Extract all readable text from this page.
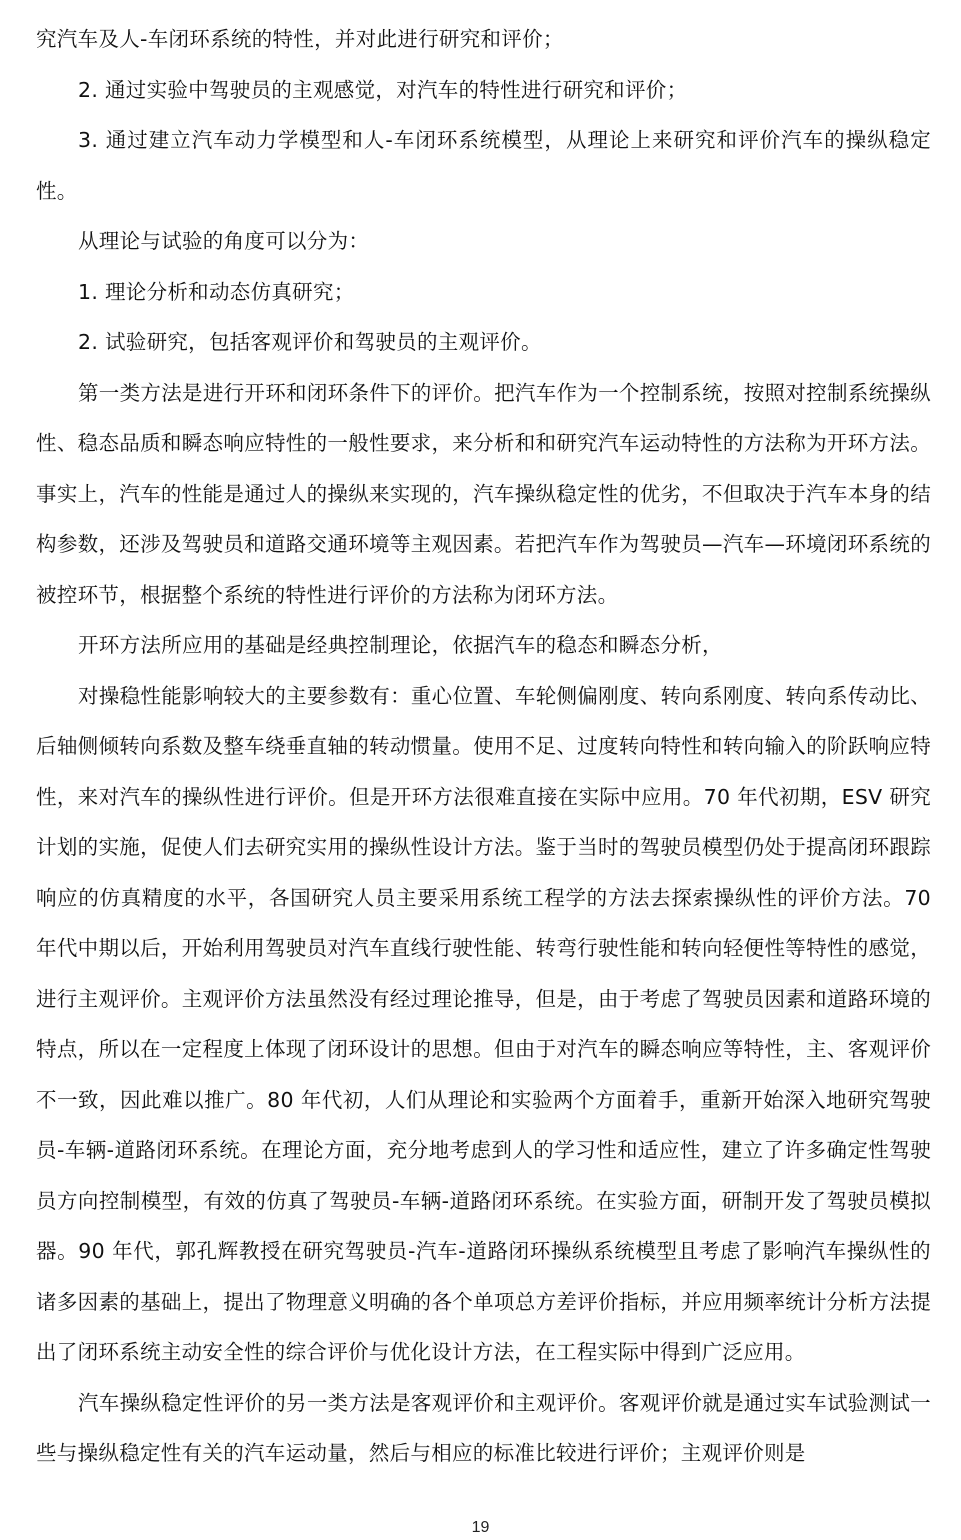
究汽车及人-车闭环系统的特性，并对此进行研究和评价；

2. 通过实验中驾驶员的主观感觉，对汽车的特性进行研究和评价；

3. 通过建立汽车动力学模型和人-车闭环系统模型，从理论上来研究和评价汽车的操纵稳定性。

从理论与试验的角度可以分为：

1. 理论分析和动态仿真研究；

2. 试验研究，包括客观评价和驾驶员的主观评价。

第一类方法是进行开环和闭环条件下的评价。把汽车作为一个控制系统，按照对控制系统操纵性、稳态品质和瞬态响应特性的一般性要求，来分析和和研究汽车运动特性的方法称为开环方法。事实上，汽车的性能是通过人的操纵来实现的，汽车操纵稳定性的优劣，不但取决于汽车本身的结构参数，还涉及驾驶员和道路交通环境等主观因素。若把汽车作为驾驶员—汽车—环境闭环系统的被控环节，根据整个系统的特性进行评价的方法称为闭环方法。

开环方法所应用的基础是经典控制理论，依据汽车的稳态和瞬态分析，

对操稳性能影响较大的主要参数有：重心位置、车轮侧偏刚度、转向系刚度、转向系传动比、后轴侧倾转向系数及整车绕垂直轴的转动惯量。使用不足、过度转向特性和转向输入的阶跃响应特性，来对汽车的操纵性进行评价。但是开环方法很难直接在实际中应用。70 年代初期，ESV 研究计划的实施，促使人们去研究实用的操纵性设计方法。鉴于当时的驾驶员模型仍处于提高闭环跟踪响应的仿真精度的水平，各国研究人员主要采用系统工程学的方法去探索操纵性的评价方法。70 年代中期以后，开始利用驾驶员对汽车直线行驶性能、转弯行驶性能和转向轻便性等特性的感觉，进行主观评价。主观评价方法虽然没有经过理论推导，但是，由于考虑了驾驶员因素和道路环境的特点，所以在一定程度上体现了闭环设计的思想。但由于对汽车的瞬态响应等特性，主、客观评价不一致，因此难以推广。80 年代初，人们从理论和实验两个方面着手，重新开始深入地研究驾驶员-车辆-道路闭环系统。在理论方面，充分地考虑到人的学习性和适应性，建立了许多确定性驾驶员方向控制模型，有效的仿真了驾驶员-车辆-道路闭环系统。在实验方面，研制开发了驾驶员模拟器。90 年代，郭孔辉教授在研究驾驶员-汽车-道路闭环操纵系统模型且考虑了影响汽车操纵性的诸多因素的基础上，提出了物理意义明确的各个单项总方差评价指标，并应用频率统计分析方法提出了闭环系统主动安全性的综合评价与优化设计方法，在工程实际中得到广泛应用。

汽车操纵稳定性评价的另一类方法是客观评价和主观评价。客观评价就是通过实车试验测试一些与操纵稳定性有关的汽车运动量，然后与相应的标准比较进行评价；主观评价则是

19
